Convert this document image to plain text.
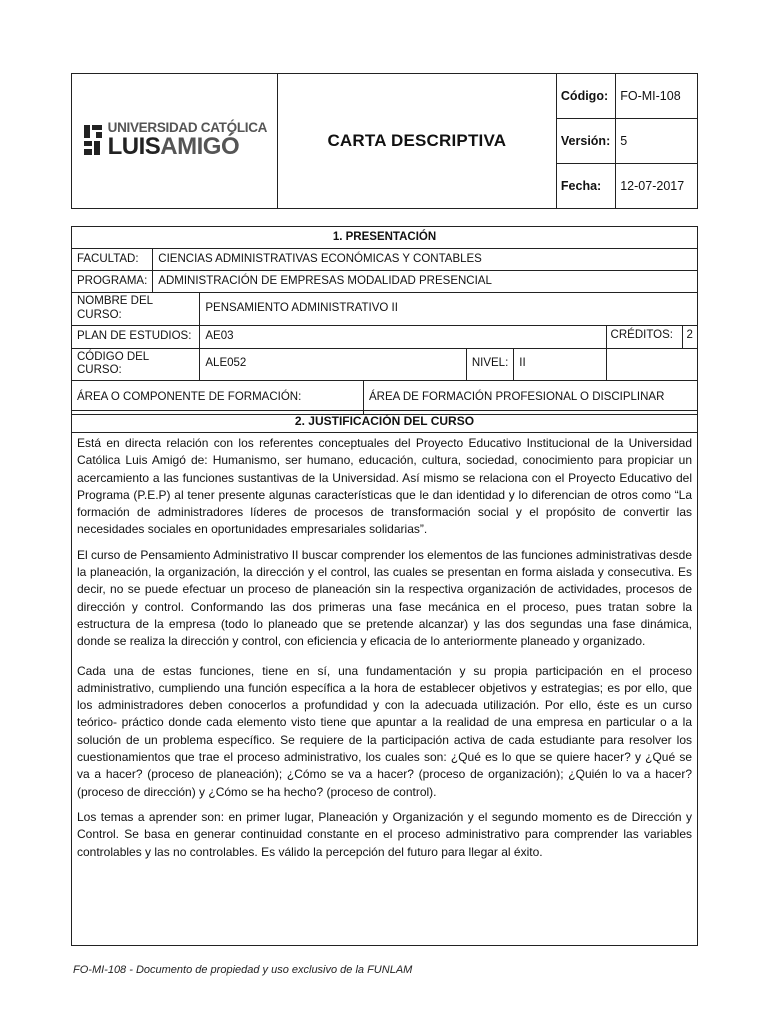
UNIVERSIDAD CATÓLICA
LUISAMIGÓ	CARTA DESCRIPTIVA	Código:	FO-MI-108
		Versión:	5
		Fecha:	12-07-2017
1. PRESENTACIÓN						
FACULTAD:	CIENCIAS ADMINISTRATIVAS ECONÓMICAS Y CONTABLES					
PROGRAMA:	ADMINISTRACIÓN DE EMPRESAS MODALIDAD PRESENCIAL					
NOMBRE DEL CURSO:		PENSAMIENTO ADMINISTRATIVO II				
PLAN DE ESTUDIOS:		AE03				CRÉDITOS: 2

CÓDIGO DEL CURSO:		ALE052		NIVEL:	II	
ÁREA O COMPONENTE DE FORMACIÓN:			ÁREA DE FORMACIÓN PROFESIONAL O DISCIPLINAR			
2. JUSTIFICACIÓN DEL CURSO

Está en directa relación con los referentes conceptuales del Proyecto Educativo Institucional de la Universidad Católica Luis Amigó de: Humanismo, ser humano, educación, cultura, sociedad, conocimiento para propiciar un acercamiento a las funciones sustantivas de la Universidad. Así mismo se relaciona con el Proyecto Educativo del Programa (P.E.P) al tener presente algunas características que le dan identidad y lo diferencian de otros como “La formación de administradores líderes de procesos de transformación social y el propósito de convertir las necesidades sociales en oportunidades empresariales solidarias”.

El curso de Pensamiento Administrativo II buscar comprender los elementos de las funciones administrativas desde la planeación, la organización, la dirección y el control, las cuales se presentan en forma aislada y consecutiva. Es decir, no se puede efectuar un proceso de planeación sin la respectiva organización de actividades, procesos de dirección y control. Conformando las dos primeras una fase mecánica en el proceso, pues tratan sobre la estructura de la empresa (todo lo planeado que se pretende alcanzar) y las dos segundas una fase dinámica, donde se realiza la dirección y control, con eficiencia y eficacia de lo anteriormente planeado y organizado.

Cada una de estas funciones, tiene en sí, una fundamentación y su propia participación en el proceso administrativo, cumpliendo una función específica a la hora de establecer objetivos y estrategias; es por ello, que los administradores deben conocerlos a profundidad y con la adecuada utilización. Por ello, éste es un curso teórico- práctico donde cada elemento visto tiene que apuntar a la realidad de una empresa en particular o a la solución de un problema específico. Se requiere de la participación activa de cada estudiante para resolver los cuestionamientos que trae el proceso administrativo, los cuales son: ¿Qué es lo que se quiere hacer? y ¿Qué se va a hacer? (proceso de planeación); ¿Cómo se va a hacer? (proceso de organización); ¿Quién lo va a hacer? (proceso de dirección) y ¿Cómo se ha hecho? (proceso de control).

Los temas a aprender son: en primer lugar, Planeación y Organización y el segundo momento es de Dirección y Control. Se basa en generar continuidad constante en el proceso administrativo para comprender las variables controlables y las no controlables. Es válido la percepción del futuro para llegar al éxito.

FO-MI-108 - Documento de propiedad y uso exclusivo de la FUNLAM
